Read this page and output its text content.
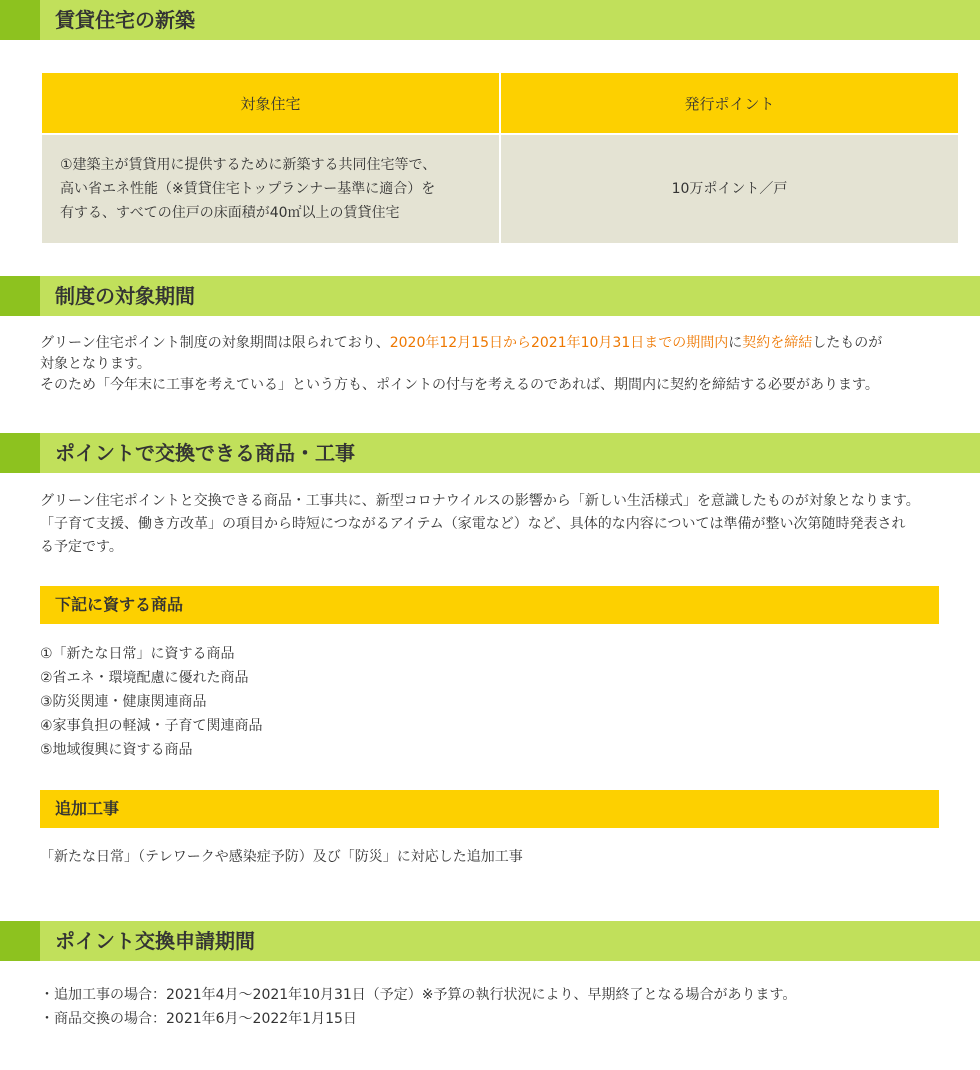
賃貸住宅の新築
対象住宅	発行ポイント

①建築主が賃貸用に提供するために新築する共同住宅等で、
高い省エネ性能（※賃貸住宅トップランナー基準に適合）を
有する、すべての住戸の床面積が40㎡以上の賃貸住宅	10万ポイント／戸
制度の対象期間
グリーン住宅ポイント制度の対象期間は限られており、2020年12月15日から2021年10月31日までの期間内に契約を締結したものが
対象となります。
そのため「今年末に工事を考えている」という方も、ポイントの付与を考えるのであれば、期間内に契約を締結する必要があります。
ポイントで交換できる商品・工事
グリーン住宅ポイントと交換できる商品・工事共に、新型コロナウイルスの影響から「新しい生活様式」を意識したものが対象となります。
「子育て支援、働き方改革」の項目から時短につながるアイテム（家電など）など、具体的な内容については準備が整い次第随時発表され
る予定です。
下記に資する商品
①「新たな日常」に資する商品
②省エネ・環境配慮に優れた商品
③防災関連・健康関連商品
④家事負担の軽減・子育て関連商品
⑤地域復興に資する商品
追加工事
「新たな日常」（テレワークや感染症予防）及び「防災」に対応した追加工事
ポイント交換申請期間
・追加工事の場合：2021年4月～2021年10月31日（予定）※予算の執行状況により、早期終了となる場合があります。
・商品交換の場合：2021年6月～2022年1月15日
